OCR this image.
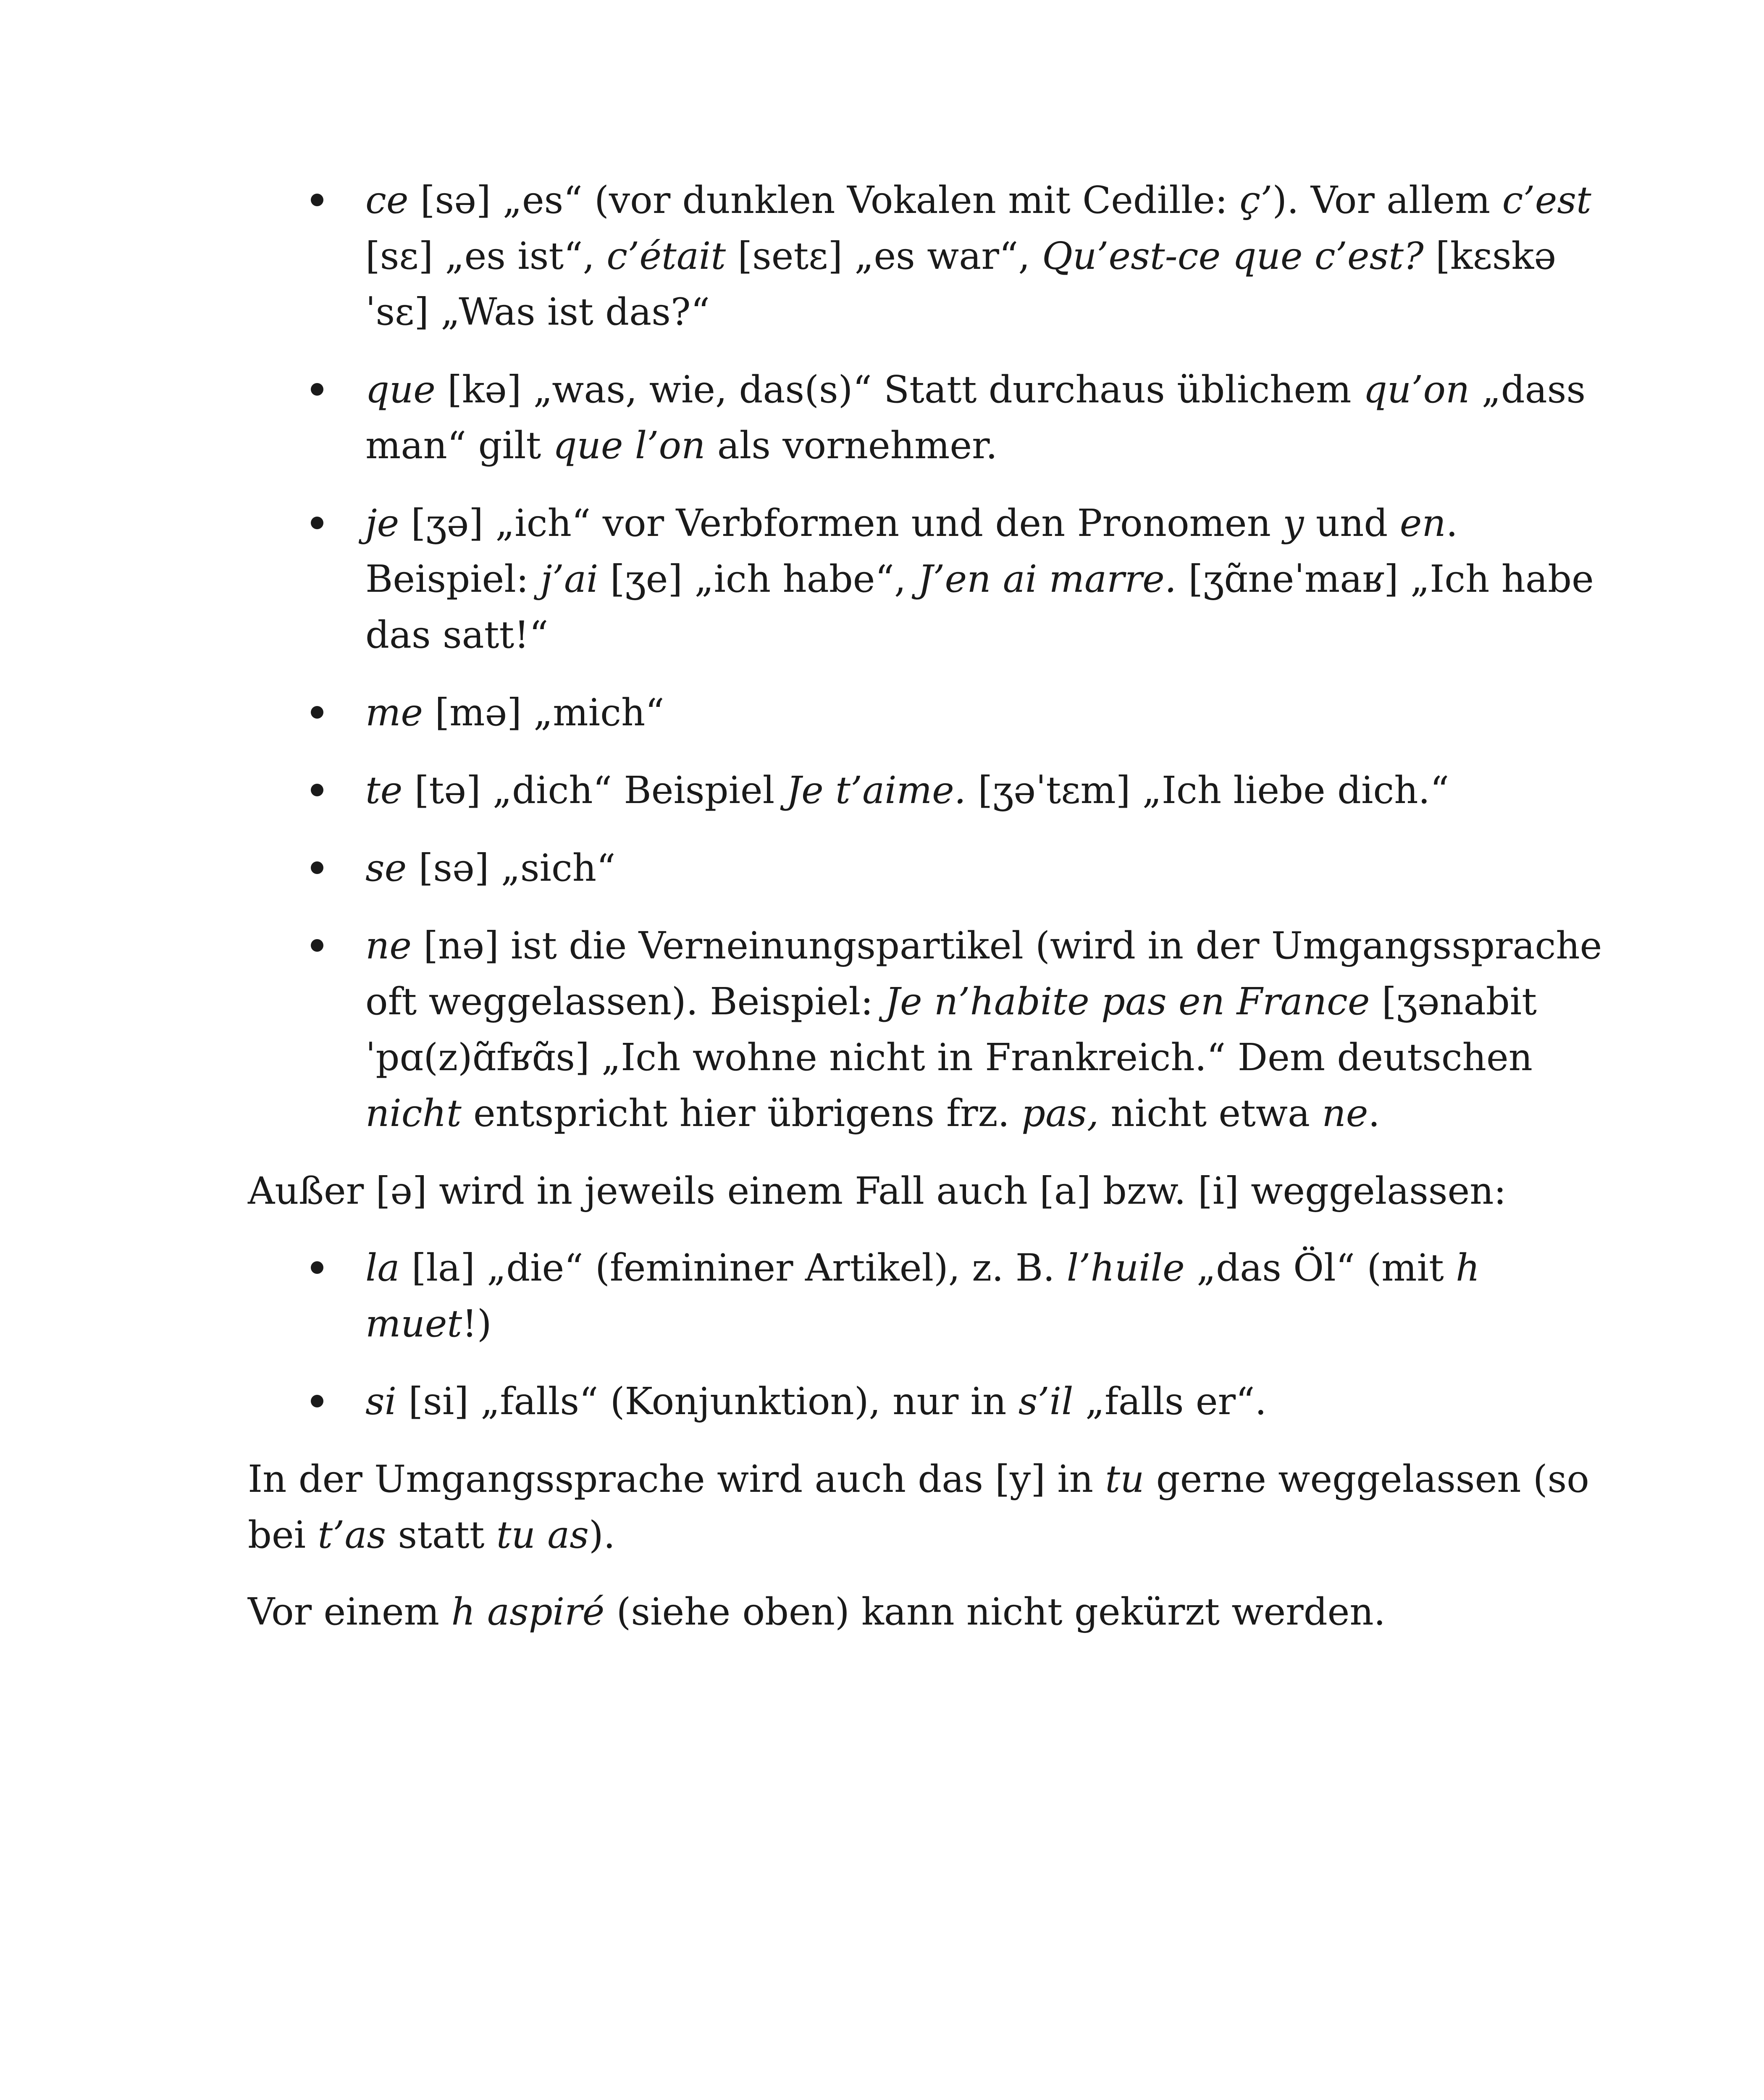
ce [sə] „es“ (vor dunklen Vokalen mit Cedille: ç’). Vor allem c’est [sɛ] „es ist“, c’était [setɛ] „es war“, Qu’est-ce que c’est? [kɛskəˈsɛ] „Was ist das?“
que [kə] „was, wie, das(s)“ Statt durchaus üblichem qu’on „dass man“ gilt que l’on als vornehmer.
je [ʒə] „ich“ vor Verbformen und den Pronomen y und en. Beispiel: j’ai [ʒe] „ich habe“, J’en ai marre. [ʒɑ̃neˈmaʁ] „Ich habe das satt!“
me [mə] „mich“
te [tə] „dich“ Beispiel Je t’aime. [ʒəˈtɛm] „Ich liebe dich.“
se [sə] „sich“
ne [nə] ist die Verneinungspartikel (wird in der Umgangssprache oft weggelassen). Beispiel: Je n’habite pas en France [ʒənabitˈpɑ(z)ɑ̃fʁɑ̃s] „Ich wohne nicht in Frankreich.“ Dem deutschen nicht entspricht hier übrigens frz. pas, nicht etwa ne.

Außer [ə] wird in jeweils einem Fall auch [a] bzw. [i] weggelassen:

la [la] „die“ (femininer Artikel), z. B. l’huile „das Öl“ (mit h muet!)
si [si] „falls“ (Konjunktion), nur in s’il „falls er“.

In der Umgangssprache wird auch das [y] in tu gerne weggelassen (so bei t’as statt tu as).

Vor einem h aspiré (siehe oben) kann nicht gekürzt werden.
